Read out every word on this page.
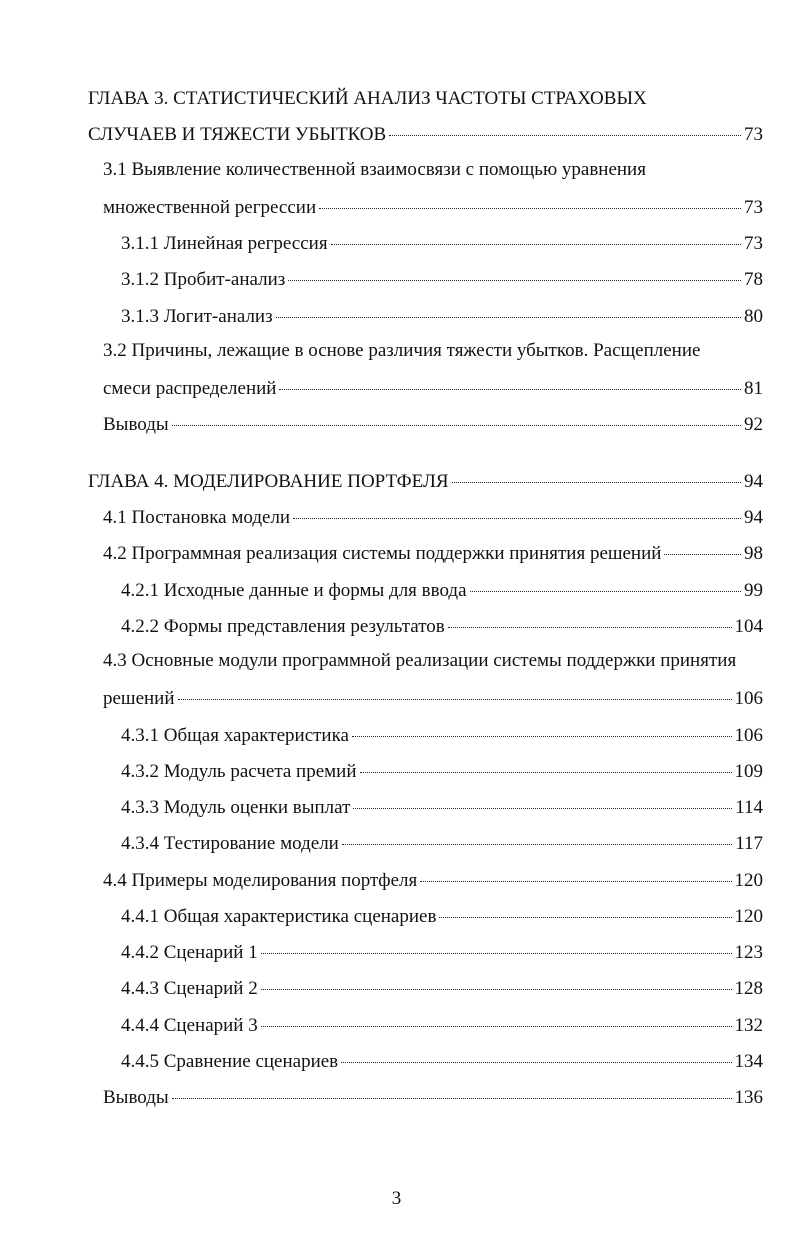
ГЛАВА 3. СТАТИСТИЧЕСКИЙ АНАЛИЗ ЧАСТОТЫ СТРАХОВЫХ
СЛУЧАЕВ И ТЯЖЕСТИ УБЫТКОВ	73
3.1 Выявление количественной взаимосвязи с помощью уравнения
множественной регрессии	73
3.1.1 Линейная регрессия	73
3.1.2 Пробит-анализ	78
3.1.3 Логит-анализ	80
3.2 Причины, лежащие в основе различия тяжести убытков. Расщепление
смеси распределений	81
Выводы	92
ГЛАВА 4. МОДЕЛИРОВАНИЕ ПОРТФЕЛЯ	94
4.1 Постановка модели	94
4.2 Программная реализация системы поддержки принятия решений	98
4.2.1 Исходные данные и формы для ввода	99
4.2.2 Формы представления результатов	104
4.3 Основные модули программной реализации системы поддержки принятия
решений	106
4.3.1 Общая характеристика	106
4.3.2 Модуль расчета премий	109
4.3.3 Модуль оценки выплат	114
4.3.4 Тестирование модели	117
4.4 Примеры моделирования портфеля	120
4.4.1 Общая характеристика сценариев	120
4.4.2 Сценарий 1	123
4.4.3 Сценарий 2	128
4.4.4 Сценарий 3	132
4.4.5 Сравнение сценариев	134
Выводы	136
3
